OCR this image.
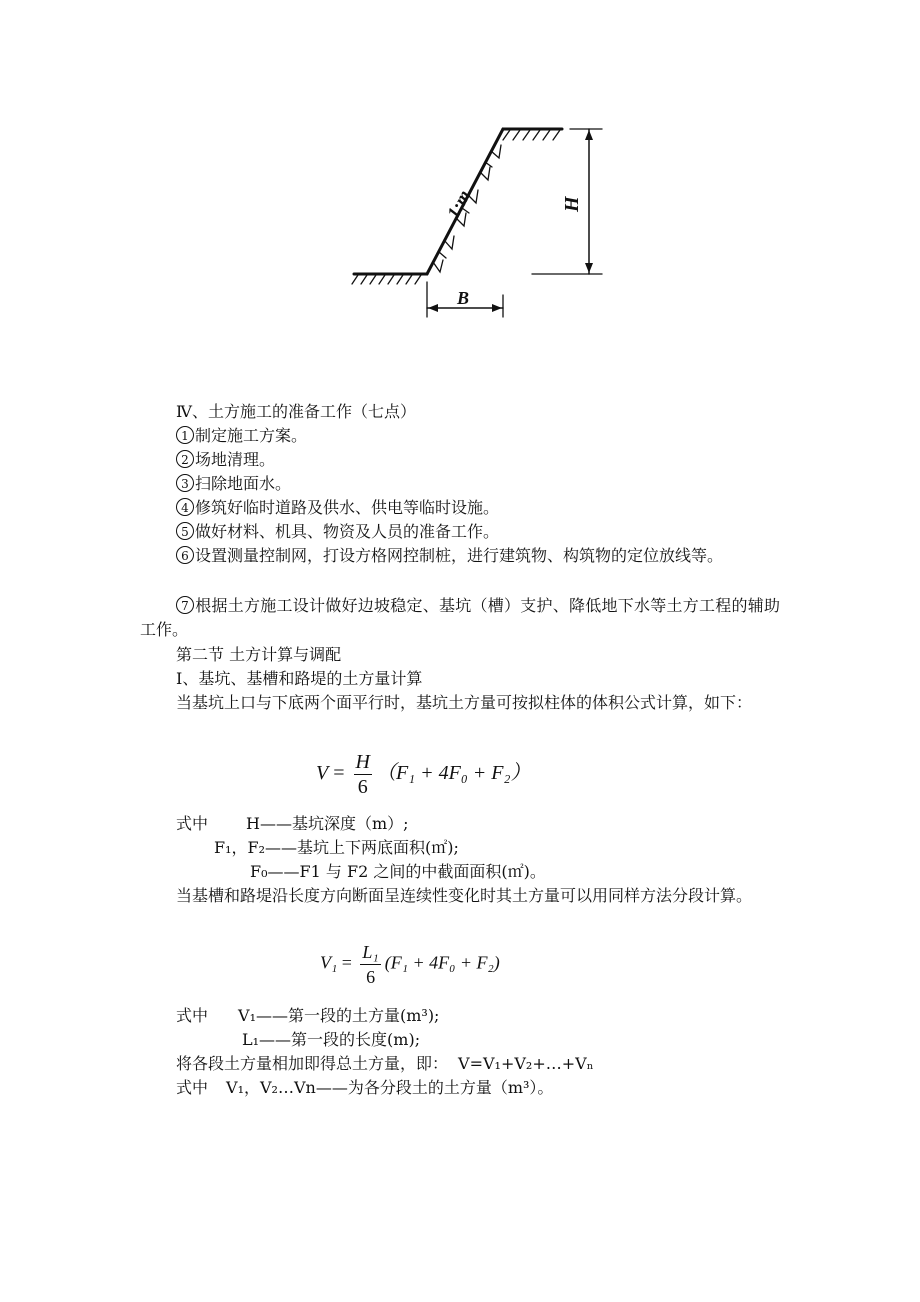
1:m	H
B
Ⅳ、土方施工的准备工作（七点）
1 制定施工方案。
2 场地清理。
3 扫除地面水。
4 修筑好临时道路及供水、供电等临时设施。
5 做好材料、机具、物资及人员的准备工作。
6 设置测量控制网，打设方格网控制桩，进行建筑物、构筑物的定位放线等。
7 根据土方施工设计做好边坡稳定、基坑（槽）支护、降低地下水等土方工程的辅助工作。
第二节 土方计算与调配
Ⅰ、基坑、基槽和路堤的土方量计算
当基坑上口与下底两个面平行时，基坑土方量可按拟柱体的体积公式计算，如下：
$V = \frac{H}{6} (F_1 + 4F_0 + F_2)$
式中 H——基坑深度（m）;
F₁，F₂——基坑上下两底面积(㎡);
F₀——F1 与 F2 之间的中截面面积(㎡)。
当基槽和路堤沿长度方向断面呈连续性变化时其土方量可以用同样方法分段计算。
$V_1 = \frac{\text{L₁}}{6} (F_1 + 4F_0 + F_2)$
式中 V₁——第一段的土方量(m³);
L₁——第一段的长度(m);
将各段土方量相加即得总土方量，即： V=V₁+V₂+…+Vₙ
式中 V₁，V₂…Vn——为各分段土的土方量（m³）。
